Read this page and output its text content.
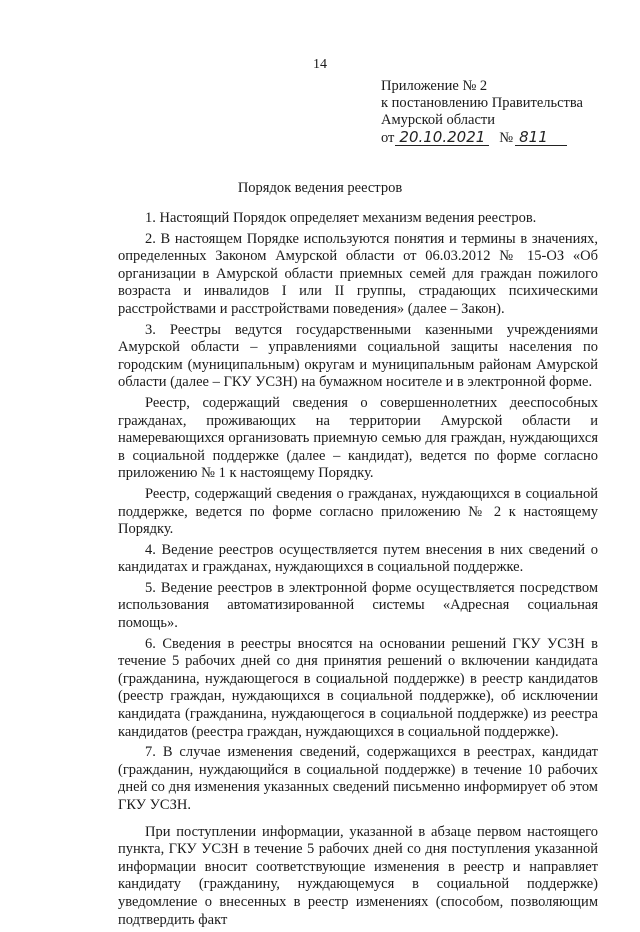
14
Приложение № 2
к постановлению Правительства
Амурской области
от 20.10.2021 № 811
Порядок ведения реестров

1. Настоящий Порядок определяет механизм ведения реестров.

2. В настоящем Порядке используются понятия и термины в значениях, определенных Законом Амурской области от 06.03.2012 № 15-ОЗ «Об организации в Амурской области приемных семей для граждан пожилого возраста и инвалидов I или II группы, страдающих психическими расстройствами и расстройствами поведения» (далее – Закон).

3. Реестры ведутся государственными казенными учреждениями Амурской области – управлениями социальной защиты населения по городским (муниципальным) округам и муниципальным районам Амурской области (далее – ГКУ УСЗН) на бумажном носителе и в электронной форме.

Реестр, содержащий сведения о совершеннолетних дееспособных гражданах, проживающих на территории Амурской области и намеревающихся организовать приемную семью для граждан, нуждающихся в социальной поддержке (далее – кандидат), ведется по форме согласно приложению № 1 к настоящему Порядку.

Реестр, содержащий сведения о гражданах, нуждающихся в социальной поддержке, ведется по форме согласно приложению № 2 к настоящему Порядку.

4. Ведение реестров осуществляется путем внесения в них сведений о кандидатах и гражданах, нуждающихся в социальной поддержке.

5. Ведение реестров в электронной форме осуществляется посредством использования автоматизированной системы «Адресная социальная помощь».

6. Сведения в реестры вносятся на основании решений ГКУ УСЗН в течение 5 рабочих дней со дня принятия решений о включении кандидата (гражданина, нуждающегося в социальной поддержке) в реестр кандидатов (реестр граждан, нуждающихся в социальной поддержке), об исключении кандидата (гражданина, нуждающегося в социальной поддержке) из реестра кандидатов (реестра граждан, нуждающихся в социальной поддержке).

7. В случае изменения сведений, содержащихся в реестрах, кандидат (гражданин, нуждающийся в социальной поддержке) в течение 10 рабочих дней со дня изменения указанных сведений письменно информирует об этом ГКУ УСЗН.

При поступлении информации, указанной в абзаце первом настоящего пункта, ГКУ УСЗН в течение 5 рабочих дней со дня поступления указанной информации вносит соответствующие изменения в реестр и направляет кандидату (гражданину, нуждающемуся в социальной поддержке) уведомление о внесенных в реестр изменениях (способом, позволяющим подтвердить факт
